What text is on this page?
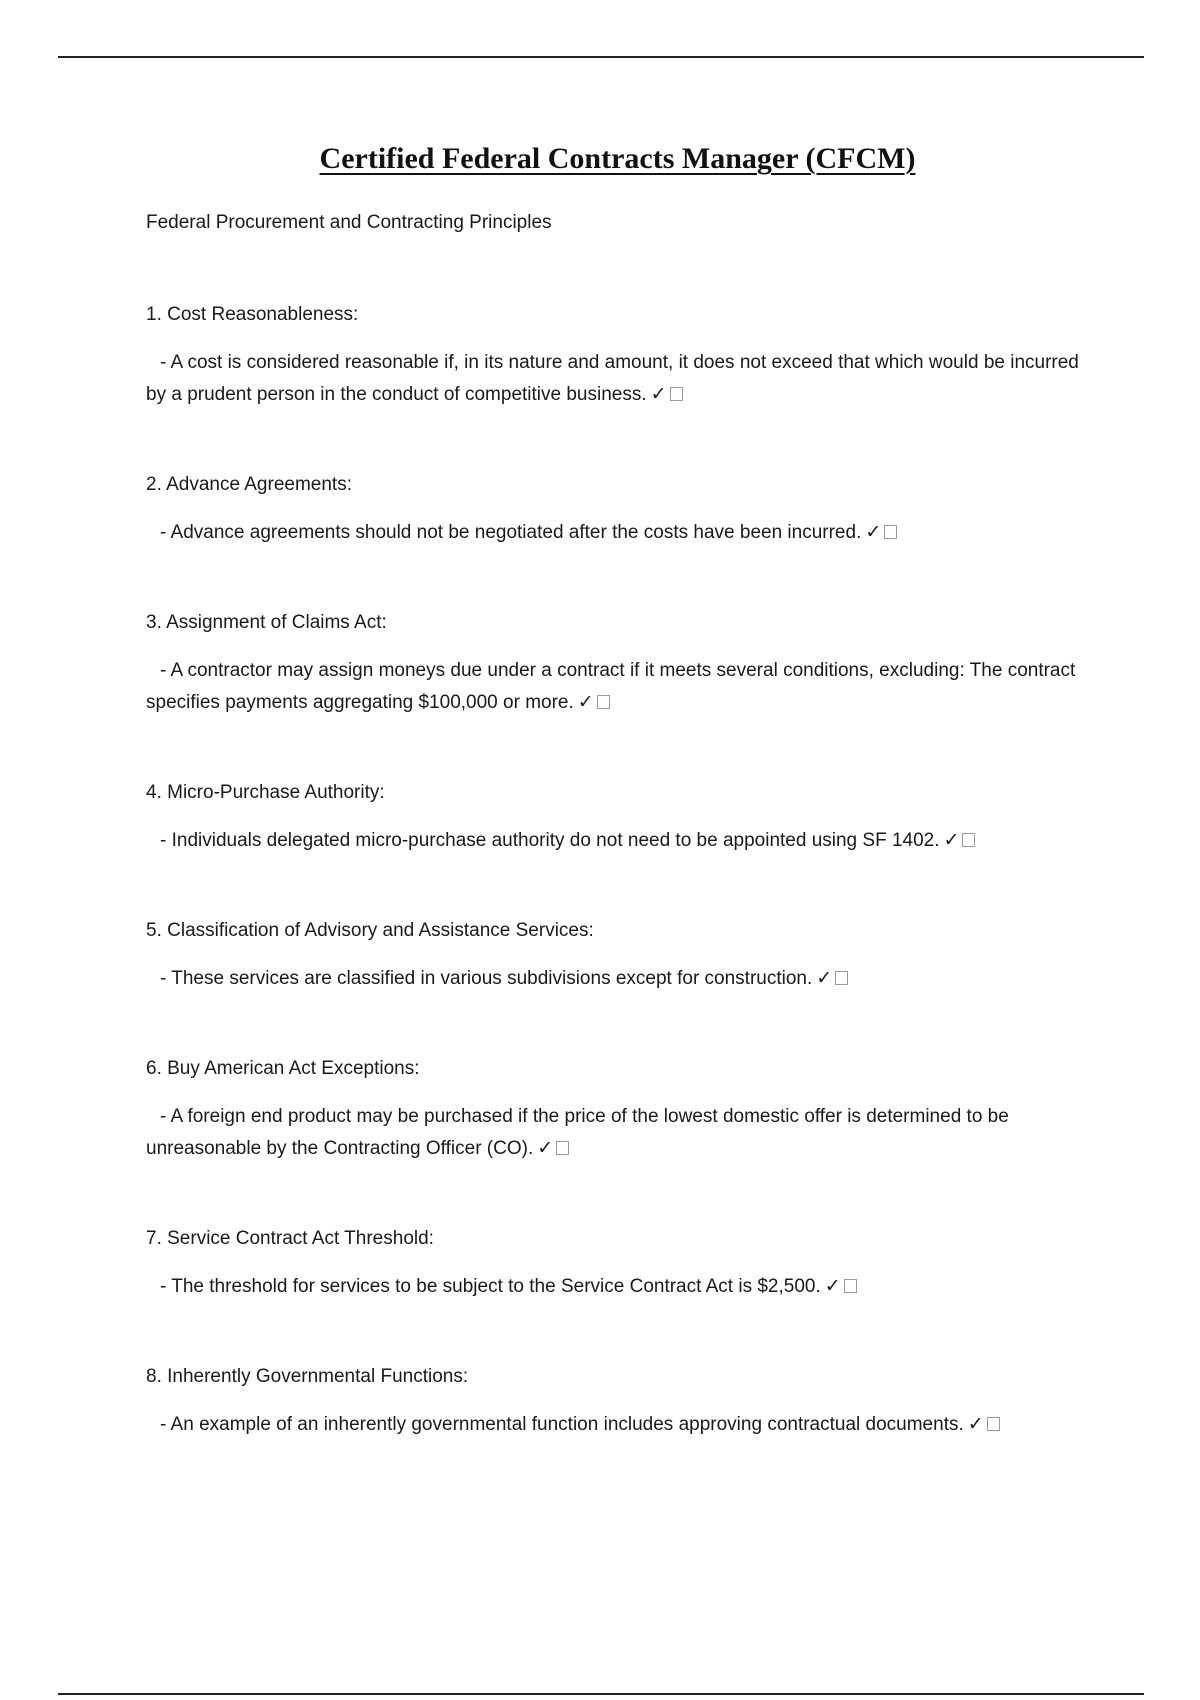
Certified Federal Contracts Manager (CFCM)

Federal Procurement and Contracting Principles

1. Cost Reasonableness:

- A cost is considered reasonable if, in its nature and amount, it does not exceed that which would be incurred by a prudent person in the conduct of competitive business. ✓

2. Advance Agreements:

- Advance agreements should not be negotiated after the costs have been incurred. ✓

3. Assignment of Claims Act:

- A contractor may assign moneys due under a contract if it meets several conditions, excluding: The contract specifies payments aggregating $100,000 or more. ✓

4. Micro-Purchase Authority:

- Individuals delegated micro-purchase authority do not need to be appointed using SF 1402. ✓

5. Classification of Advisory and Assistance Services:

- These services are classified in various subdivisions except for construction. ✓

6. Buy American Act Exceptions:

- A foreign end product may be purchased if the price of the lowest domestic offer is determined to be unreasonable by the Contracting Officer (CO). ✓

7. Service Contract Act Threshold:

- The threshold for services to be subject to the Service Contract Act is $2,500. ✓

8. Inherently Governmental Functions:

- An example of an inherently governmental function includes approving contractual documents. ✓
